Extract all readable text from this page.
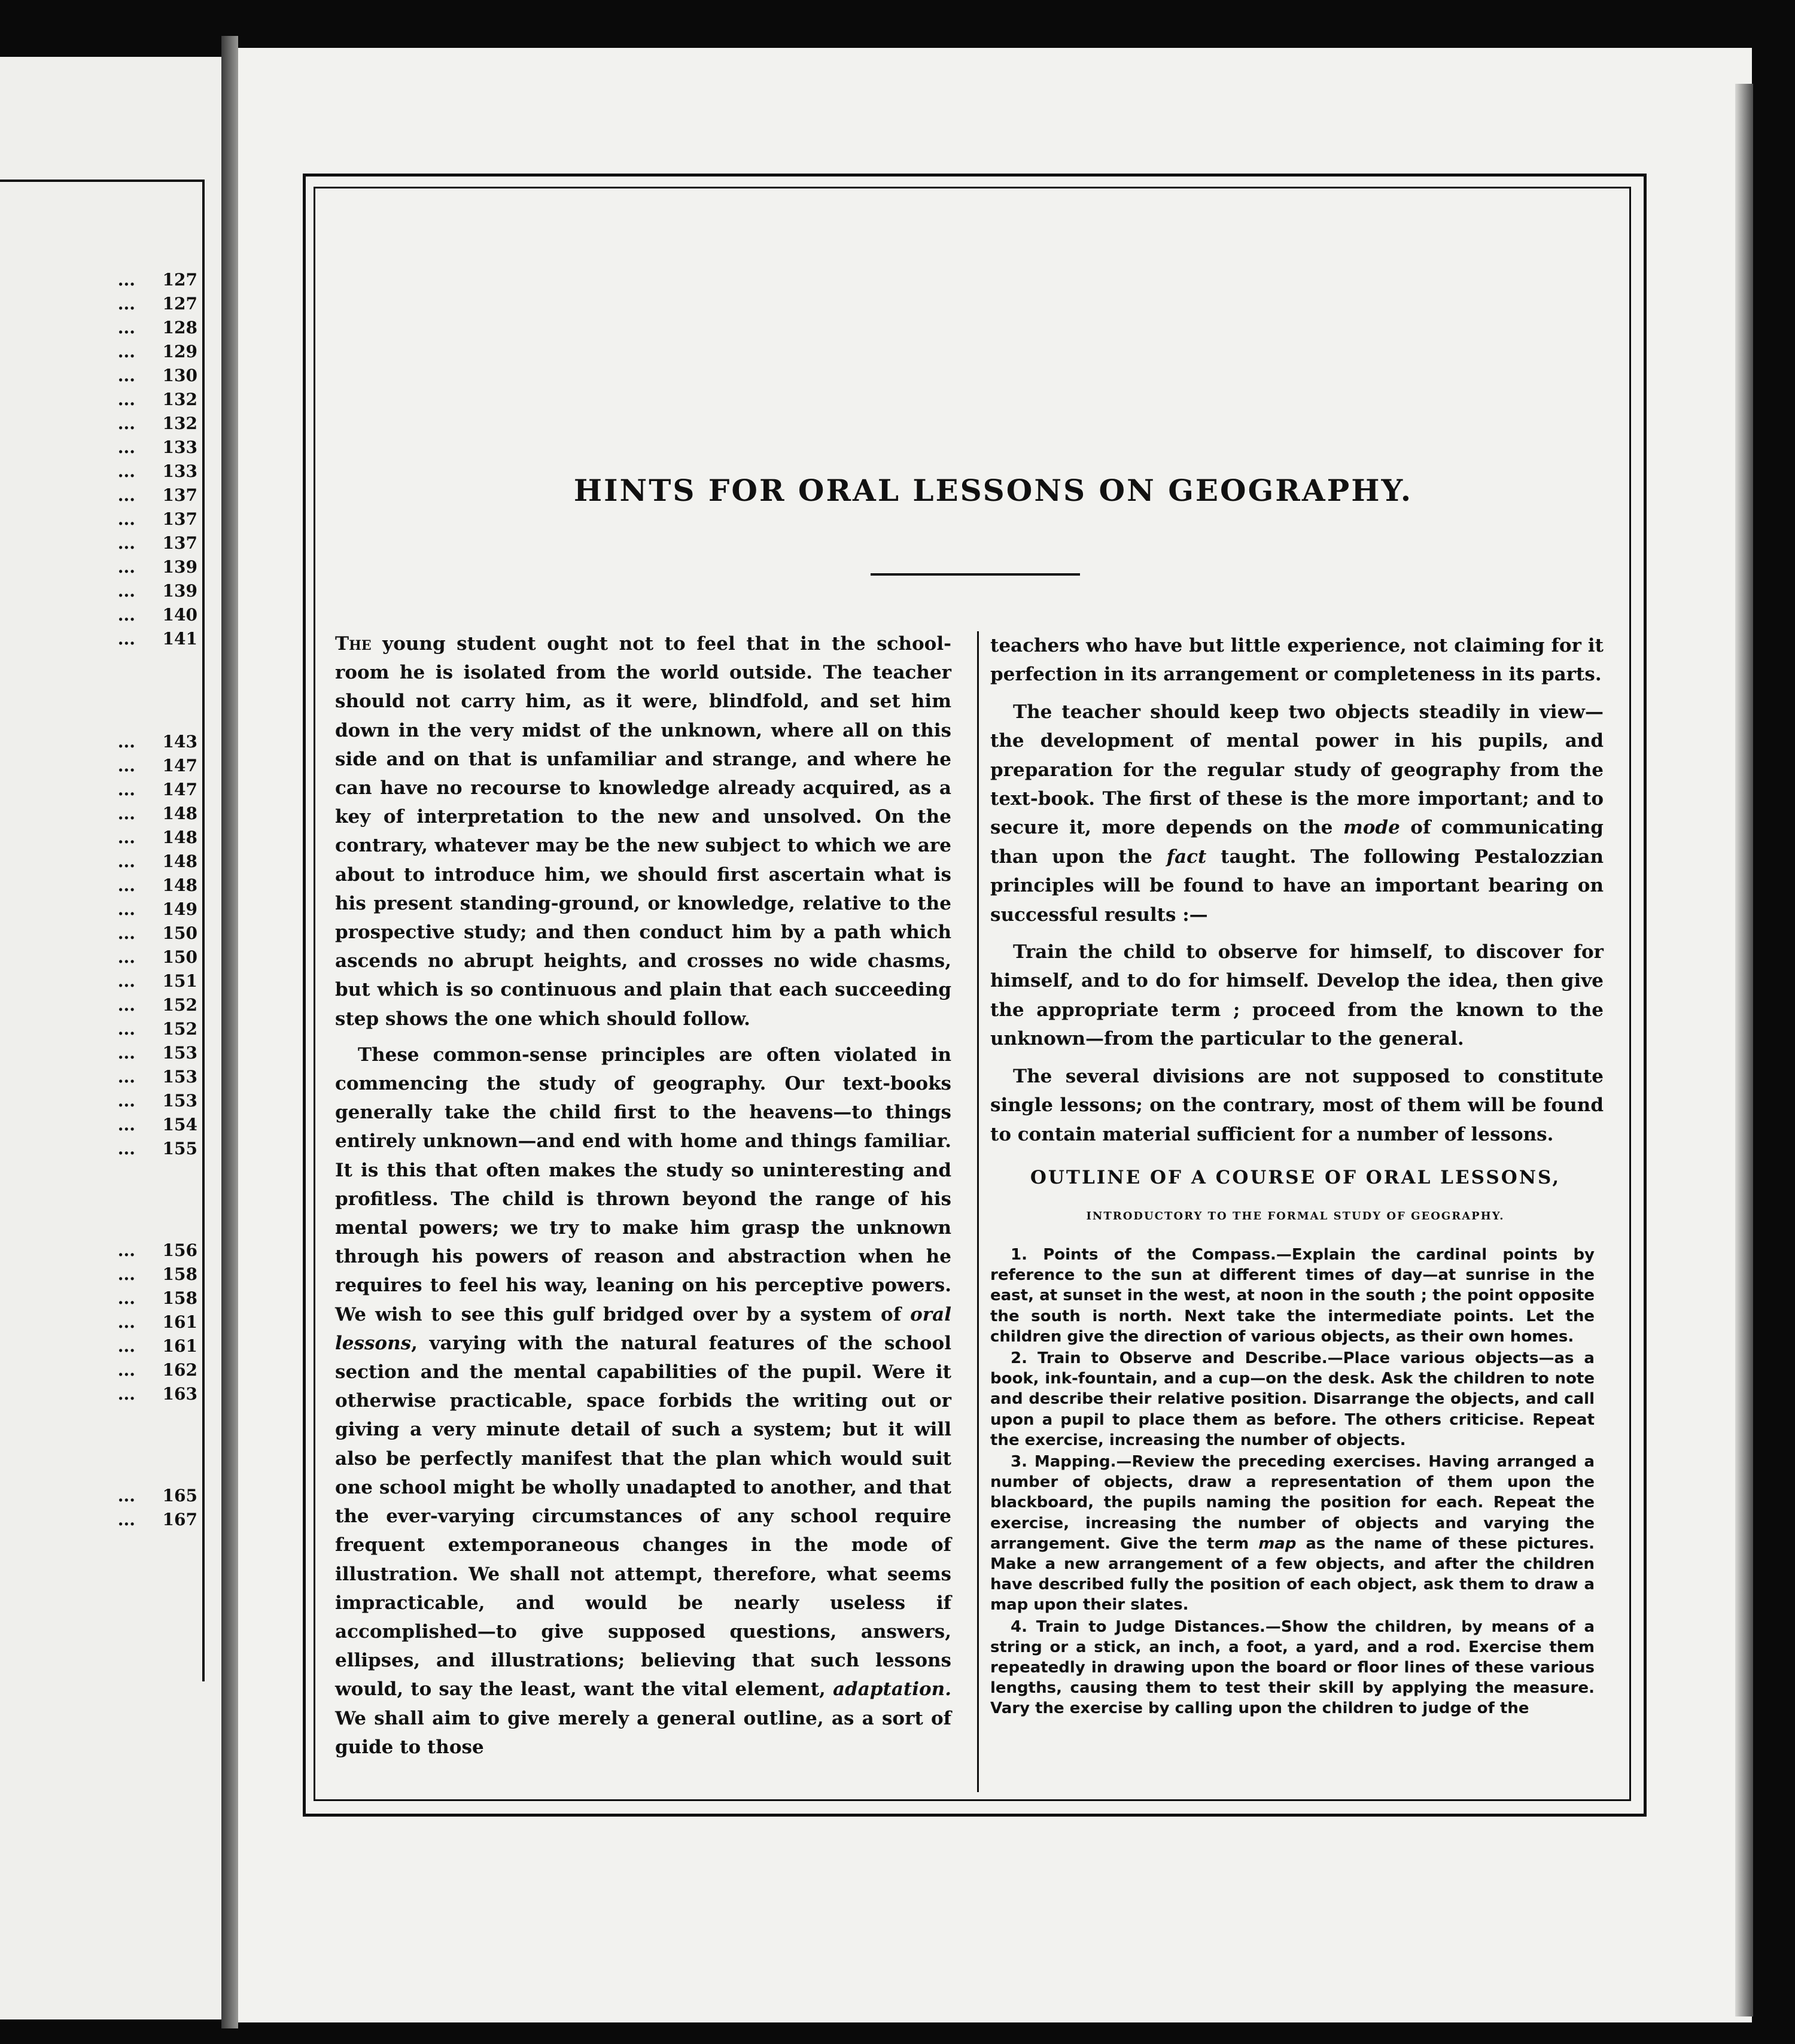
...	127
...	127
...	128
...	129
...	130
...	132
...	132
...	133
...	133
...	137
...	137
...	137
...	139
...	139
...	140
...	141
...	143
...	147
...	147
...	148
...	148
...	148
...	148
...	149
...	150
...	150
...	151
...	152
...	152
...	153
...	153
...	153
...	154
...	155
...	156
...	158
...	158
...	161
...	161
...	162
...	163
...	165
...	167
HINTS FOR ORAL LESSONS ON GEOGRAPHY.

The young student ought not to feel that in the school-room he is isolated from the world outside. The teacher should not carry him, as it were, blindfold, and set him down in the very midst of the unknown, where all on this side and on that is unfamiliar and strange, and where he can have no recourse to knowledge already acquired, as a key of interpretation to the new and unsolved. On the contrary, whatever may be the new subject to which we are about to introduce him, we should first ascertain what is his present standing-ground, or knowledge, relative to the prospective study; and then conduct him by a path which ascends no abrupt heights, and crosses no wide chasms, but which is so continuous and plain that each succeeding step shows the one which should follow.

These common-sense principles are often violated in commencing the study of geography. Our text-books generally take the child first to the heavens—to things entirely unknown—and end with home and things familiar. It is this that often makes the study so uninteresting and profitless. The child is thrown beyond the range of his mental powers; we try to make him grasp the unknown through his powers of reason and abstraction when he requires to feel his way, leaning on his perceptive powers. We wish to see this gulf bridged over by a system of oral lessons, varying with the natural features of the school section and the mental capabilities of the pupil. Were it otherwise practicable, space forbids the writing out or giving a very minute detail of such a system; but it will also be perfectly manifest that the plan which would suit one school might be wholly unadapted to another, and that the ever-varying circumstances of any school require frequent extemporaneous changes in the mode of illustration. We shall not attempt, therefore, what seems impracticable, and would be nearly useless if accomplished—to give supposed questions, answers, ellipses, and illustrations; believing that such lessons would, to say the least, want the vital element, adaptation. We shall aim to give merely a general outline, as a sort of guide to those

teachers who have but little experience, not claiming for it perfection in its arrangement or completeness in its parts.

The teacher should keep two objects steadily in view—the development of mental power in his pupils, and preparation for the regular study of geography from the text-book. The first of these is the more important; and to secure it, more depends on the mode of communicating than upon the fact taught. The following Pestalozzian principles will be found to have an important bearing on successful results :—

Train the child to observe for himself, to discover for himself, and to do for himself. Develop the idea, then give the appropriate term ; proceed from the known to the unknown—from the particular to the general.

The several divisions are not supposed to constitute single lessons; on the contrary, most of them will be found to contain material sufficient for a number of lessons.

OUTLINE OF A COURSE OF ORAL LESSONS,
INTRODUCTORY TO THE FORMAL STUDY OF GEOGRAPHY.

1. Points of the Compass.—Explain the cardinal points by reference to the sun at different times of day—at sunrise in the east, at sunset in the west, at noon in the south ; the point opposite the south is north. Next take the intermediate points. Let the children give the direction of various objects, as their own homes.

2. Train to Observe and Describe.—Place various objects—as a book, ink-fountain, and a cup—on the desk. Ask the children to note and describe their relative position. Disarrange the objects, and call upon a pupil to place them as before. The others criticise. Repeat the exercise, increasing the number of objects.

3. Mapping.—Review the preceding exercises. Having arranged a number of objects, draw a representation of them upon the blackboard, the pupils naming the position for each. Repeat the exercise, increasing the number of objects and varying the arrangement. Give the term map as the name of these pictures. Make a new arrangement of a few objects, and after the children have described fully the position of each object, ask them to draw a map upon their slates.

4. Train to Judge Distances.—Show the children, by means of a string or a stick, an inch, a foot, a yard, and a rod. Exercise them repeatedly in drawing upon the board or floor lines of these various lengths, causing them to test their skill by applying the measure. Vary the exercise by calling upon the children to judge of the
